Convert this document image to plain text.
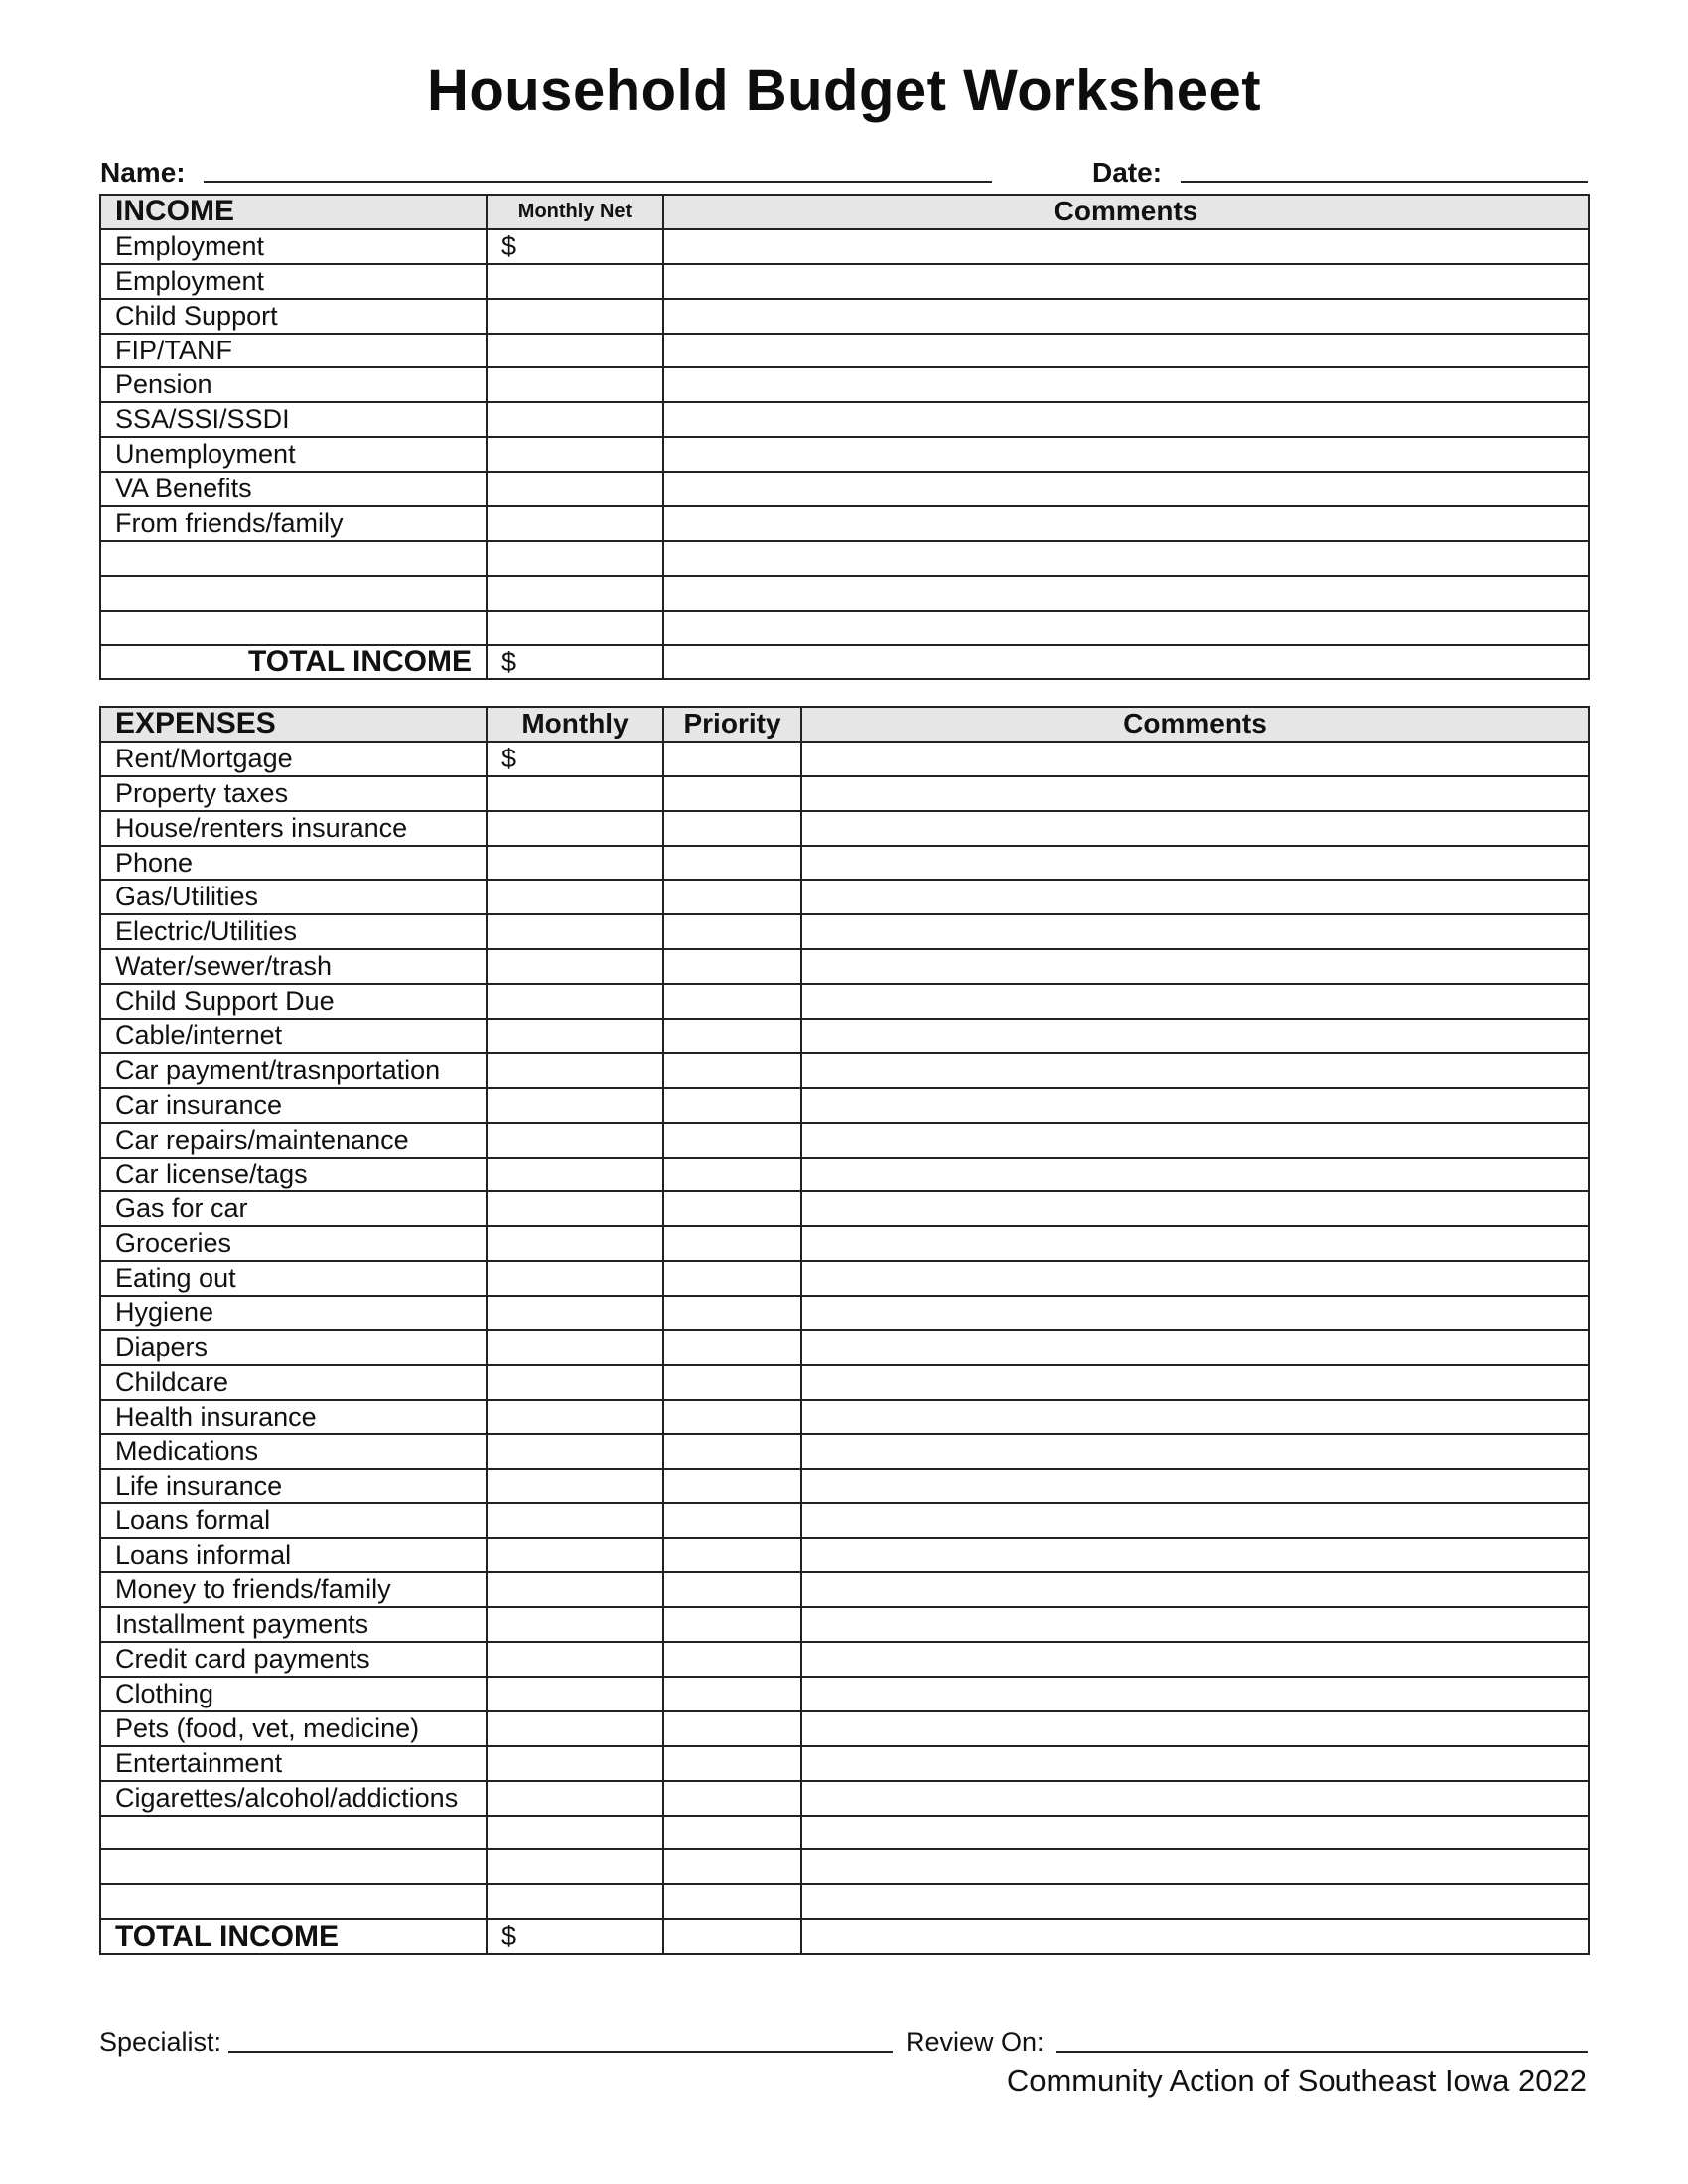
Household Budget Worksheet
Name:	Date:
INCOME	Monthly Net	Comments
Employment	$	
Employment		
Child Support		
FIP/TANF		
Pension		
SSA/SSI/SSDI		
Unemployment		
VA Benefits		
From friends/family		

TOTAL INCOME	$	
EXPENSES	Monthly	Priority	Comments
Rent/Mortgage	$		
Property taxes			
House/renters insurance			
Phone			
Gas/Utilities			
Electric/Utilities			
Water/sewer/trash			
Child Support Due			
Cable/internet			
Car payment/trasnportation			
Car insurance			
Car repairs/maintenance			
Car license/tags			
Gas for car			
Groceries			
Eating out			
Hygiene			
Diapers			
Childcare			
Health insurance			
Medications			
Life insurance			
Loans formal			
Loans informal			
Money to friends/family			
Installment payments			
Credit card payments			
Clothing			
Pets (food, vet, medicine)			
Entertainment			
Cigarettes/alcohol/addictions			

TOTAL INCOME	$		
Specialist:	Review On:
Community Action of Southeast Iowa 2022
